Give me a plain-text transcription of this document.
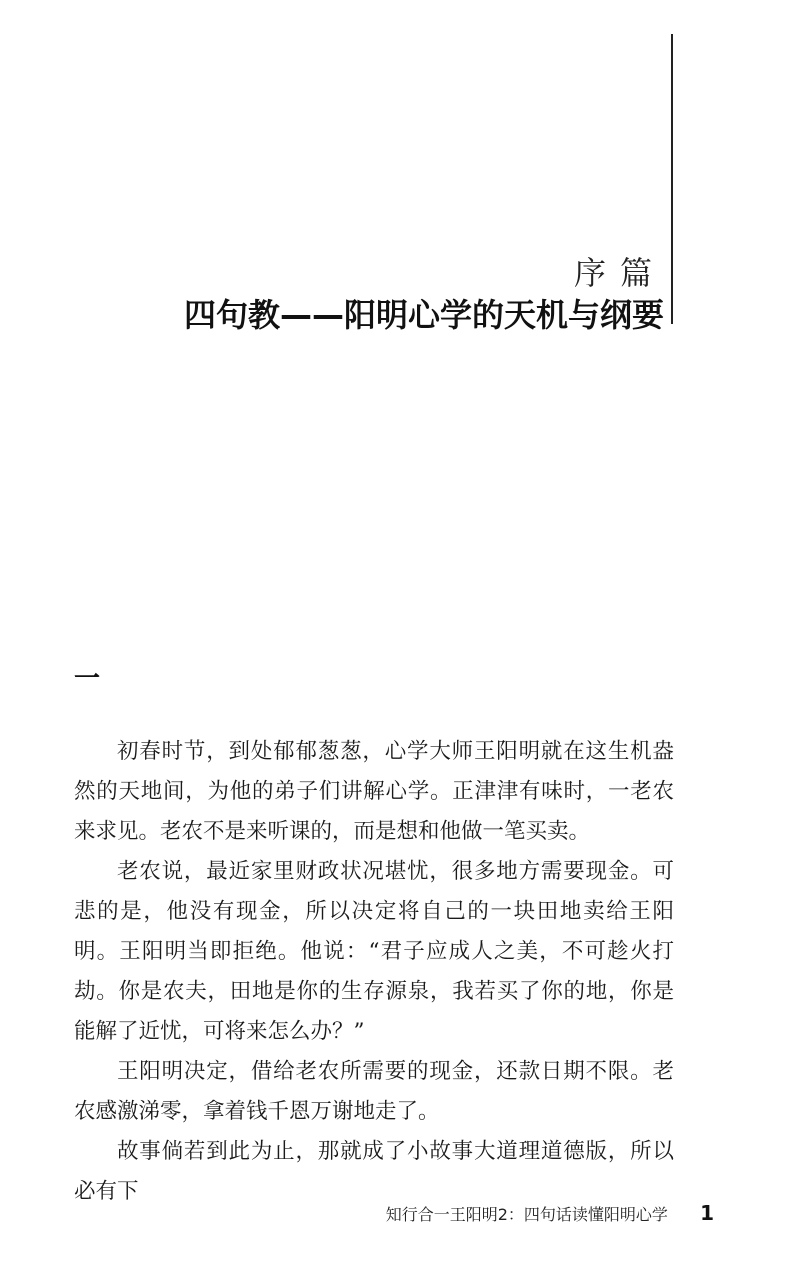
序篇
四句教——阳明心学的天机与纲要
一

初春时节，到处郁郁葱葱，心学大师王阳明就在这生机盎然的天地间，为他的弟子们讲解心学。正津津有味时，一老农来求见。老农不是来听课的，而是想和他做一笔买卖。

老农说，最近家里财政状况堪忧，很多地方需要现金。可悲的是，他没有现金，所以决定将自己的一块田地卖给王阳明。王阳明当即拒绝。他说：“君子应成人之美，不可趁火打劫。你是农夫，田地是你的生存源泉，我若买了你的地，你是能解了近忧，可将来怎么办？”

王阳明决定，借给老农所需要的现金，还款日期不限。老农感激涕零，拿着钱千恩万谢地走了。

故事倘若到此为止，那就成了小故事大道理道德版，所以必有下

知行合一王阳明2：四句话读懂阳明心学 1
